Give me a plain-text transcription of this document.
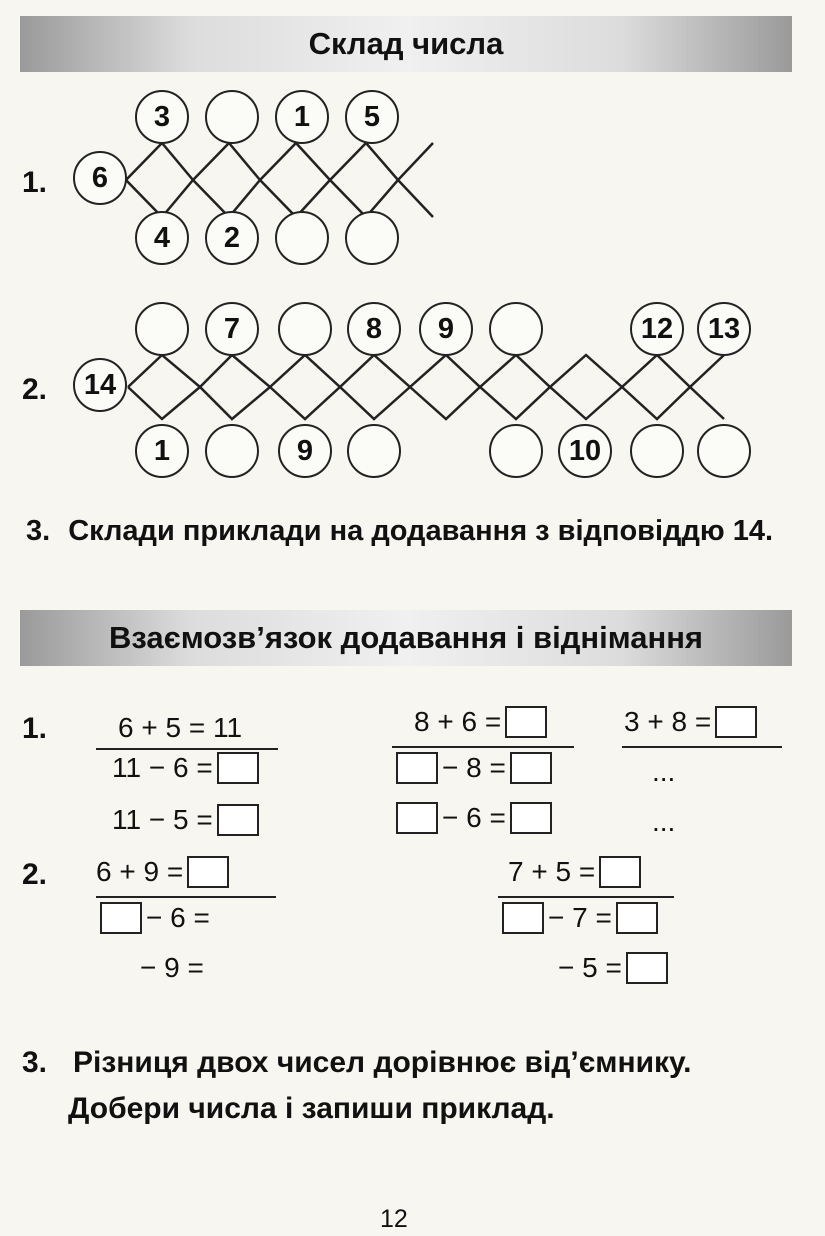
Склад числа
1.	6
3	1	5
4	2
2.	14
7	8	9	12	13
1	9	10
3. Склади приклади на додавання з відповіддю 14.
Взаємозв’язок додавання і віднімання
1.	6 + 5 = 11
11 − 6 =
11 − 5 =
8 + 6 =
− 8 =
− 6 =
3 + 8 =
...
...
2. 6 + 9 =
− 6 =
− 9 =
7 + 5 =
− 7 =
− 5 =
3. Різниця двох чисел дорівнює від’ємнику.
Добери числа і запиши приклад.
12
